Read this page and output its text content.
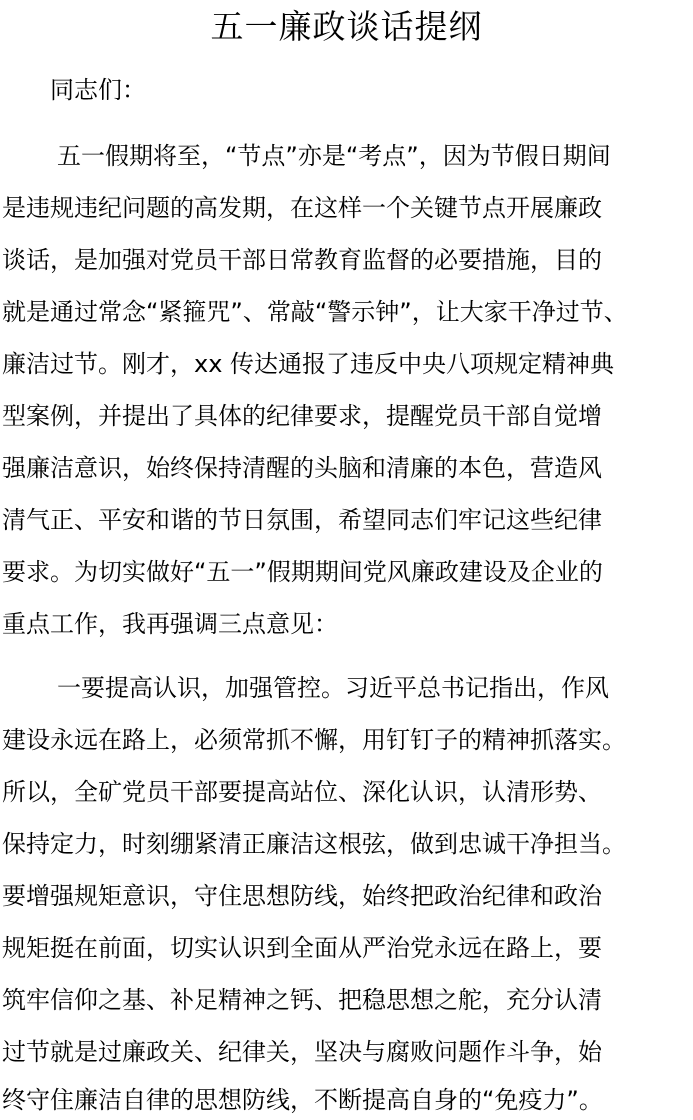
五一廉政谈话提纲

同志们：

　五一假期将至，“节点”亦是“考点”，因为节假日期间

是违规违纪问题的高发期，在这样一个关键节点开展廉政

谈话，是加强对党员干部日常教育监督的必要措施，目的

就是通过常念“紧箍咒”、常敲“警示钟”，让大家干净过节、

廉洁过节。刚才，xx 传达通报了违反中央八项规定精神典

型案例，并提出了具体的纪律要求，提醒党员干部自觉增

强廉洁意识，始终保持清醒的头脑和清廉的本色，营造风

清气正、平安和谐的节日氛围，希望同志们牢记这些纪律

要求。为切实做好“五一”假期期间党风廉政建设及企业的

重点工作，我再强调三点意见：

　一要提高认识，加强管控。习近平总书记指出，作风

建设永远在路上，必须常抓不懈，用钉钉子的精神抓落实。

所以，全矿党员干部要提高站位、深化认识，认清形势、

保持定力，时刻绷紧清正廉洁这根弦，做到忠诚干净担当。

要增强规矩意识，守住思想防线，始终把政治纪律和政治

规矩挺在前面，切实认识到全面从严治党永远在路上，要

筑牢信仰之基、补足精神之钙、把稳思想之舵，充分认清

过节就是过廉政关、纪律关，坚决与腐败问题作斗争，始

终守住廉洁自律的思想防线，不断提高自身的“免疫力”。
